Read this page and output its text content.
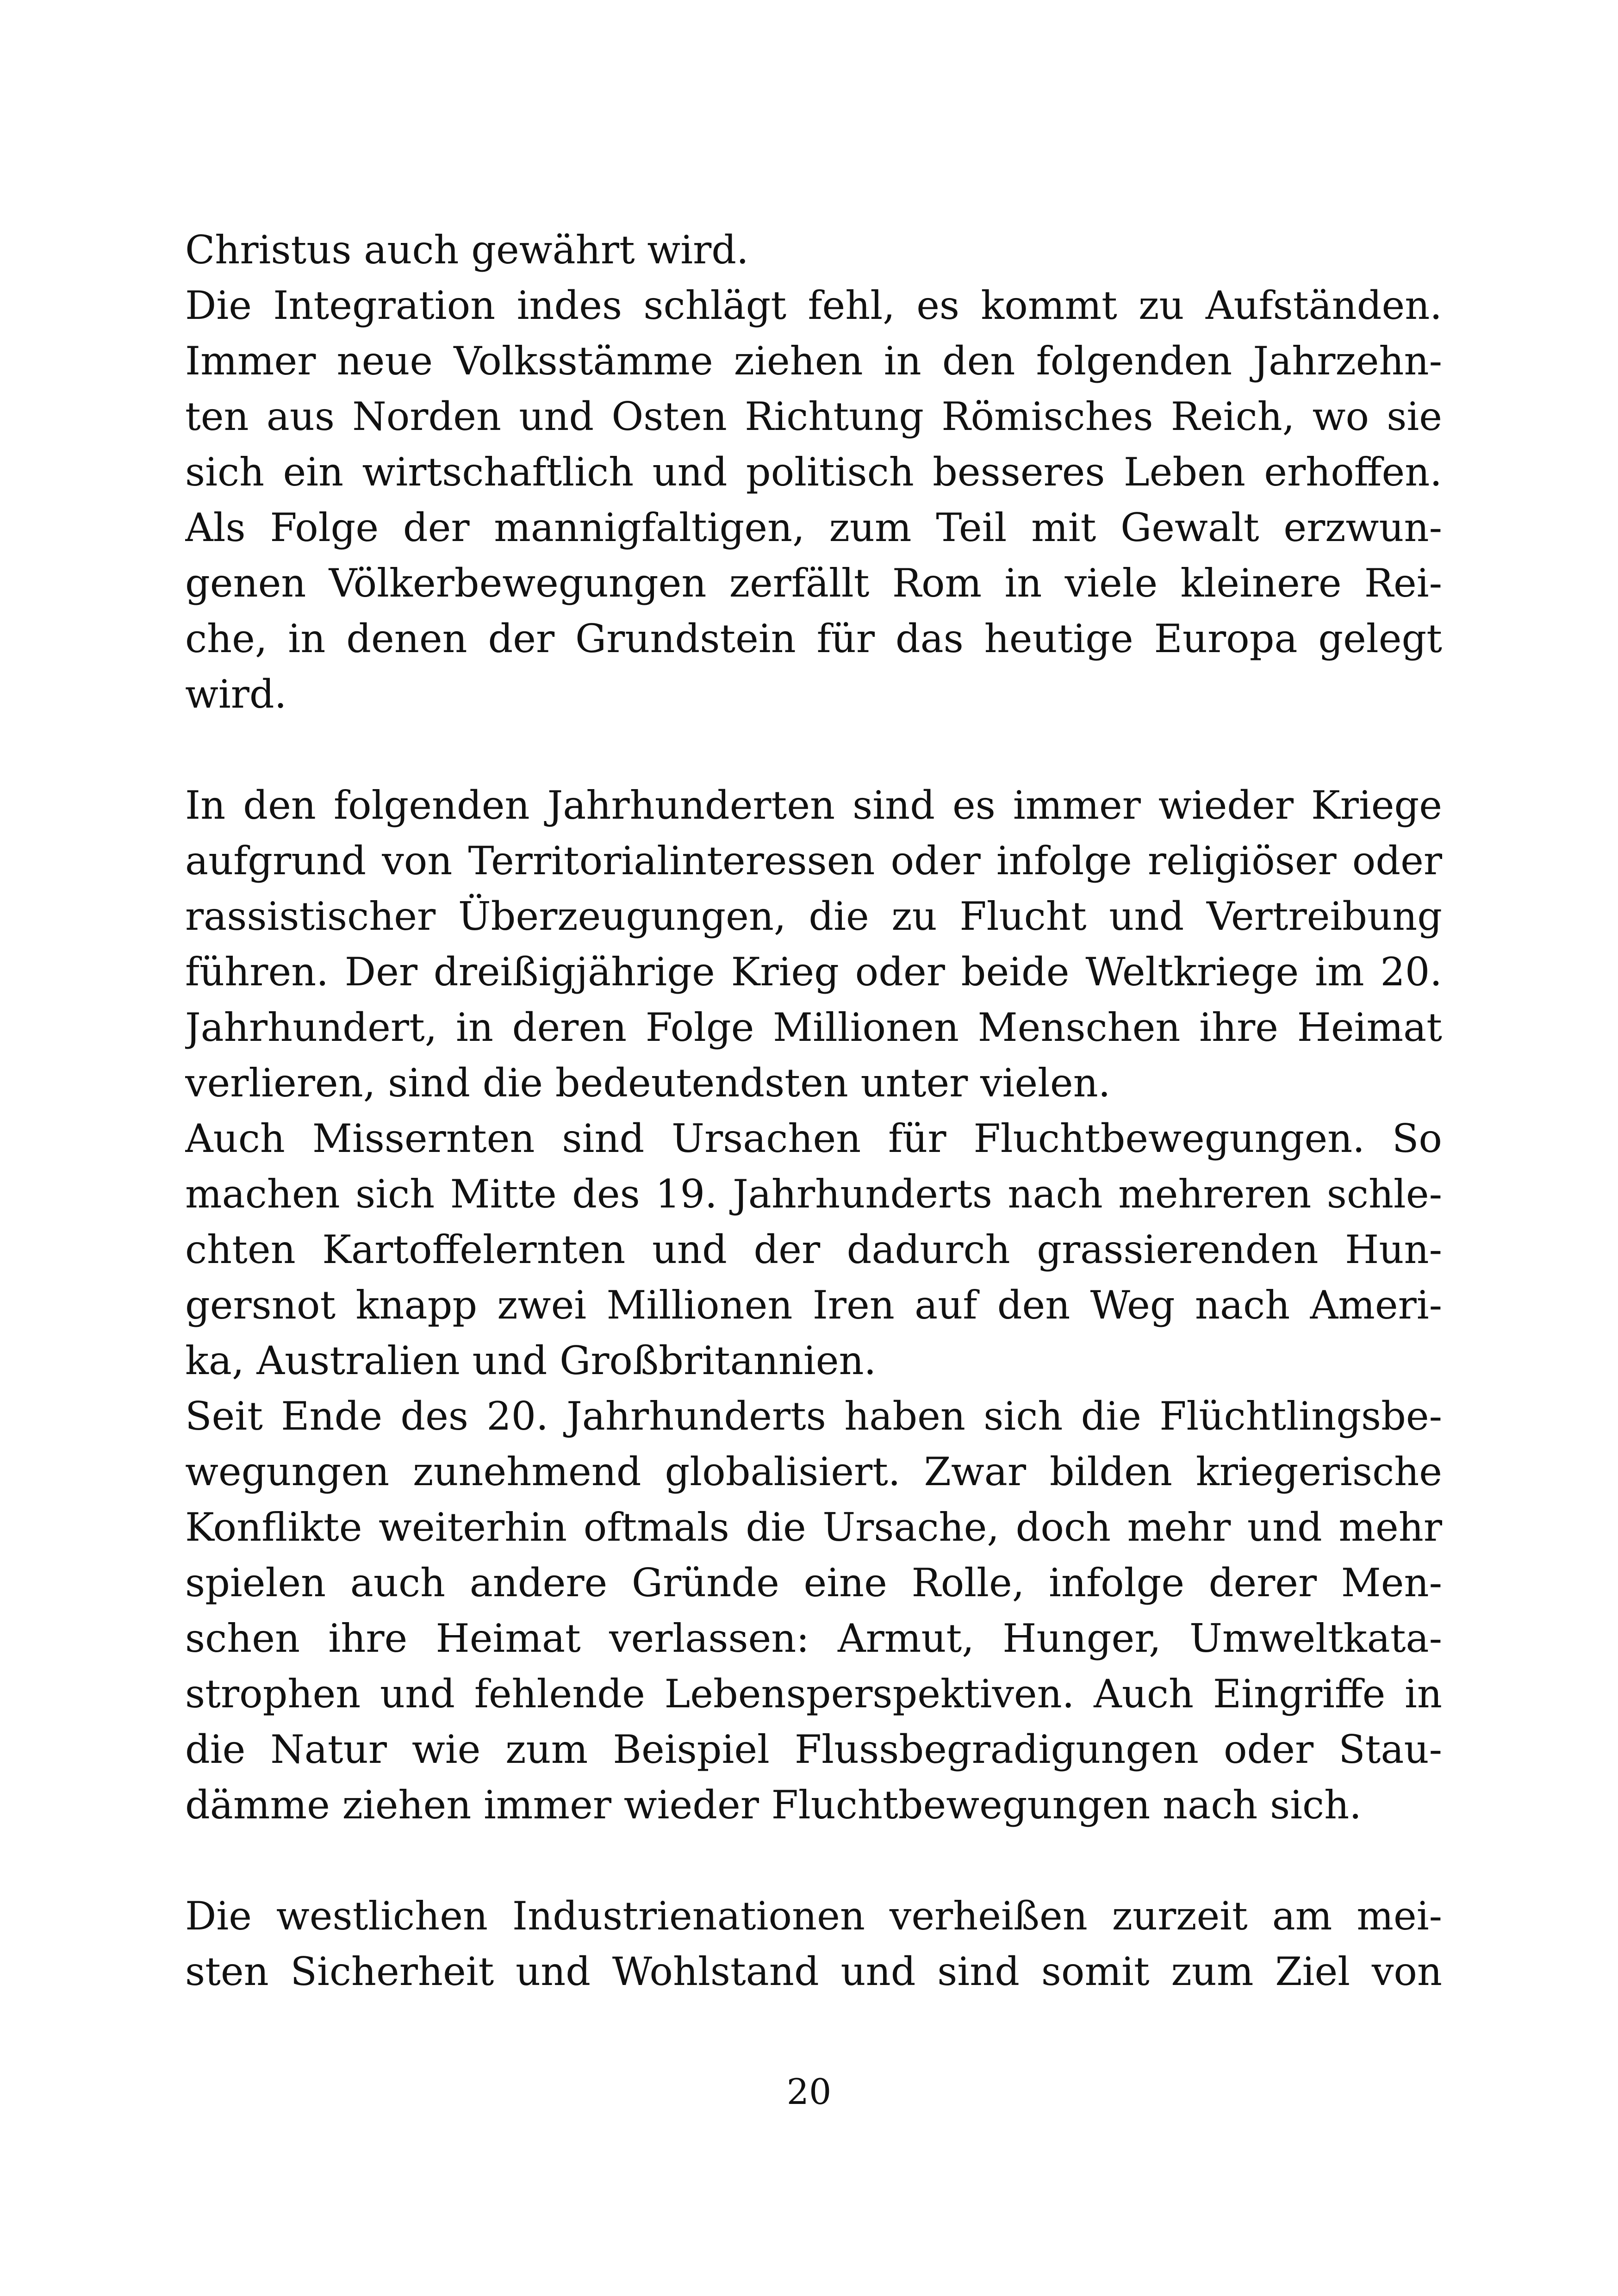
Christus auch gewährt wird.
Die Integration indes schlägt fehl, es kommt zu Aufständen.
Immer neue Volksstämme ziehen in den folgenden Jahrzehn-
ten aus Norden und Osten Richtung Römisches Reich, wo sie
sich ein wirtschaftlich und politisch besseres Leben erhoffen.
Als Folge der mannigfaltigen, zum Teil mit Gewalt erzwun-
genen Völkerbewegungen zerfällt Rom in viele kleinere Rei-
che, in denen der Grundstein für das heutige Europa gelegt
wird.
In den folgenden Jahrhunderten sind es immer wieder Kriege
aufgrund von Territorialinteressen oder infolge religiöser oder
rassistischer Überzeugungen, die zu Flucht und Vertreibung
führen. Der dreißigjährige Krieg oder beide Weltkriege im 20.
Jahrhundert, in deren Folge Millionen Menschen ihre Heimat
verlieren, sind die bedeutendsten unter vielen.
Auch Missernten sind Ursachen für Fluchtbewegungen. So
machen sich Mitte des 19. Jahrhunderts nach mehreren schle-
chten Kartoffelernten und der dadurch grassierenden Hun-
gersnot knapp zwei Millionen Iren auf den Weg nach Ameri-
ka, Australien und Großbritannien.
Seit Ende des 20. Jahrhunderts haben sich die Flüchtlingsbe-
wegungen zunehmend globalisiert. Zwar bilden kriegerische
Konflikte weiterhin oftmals die Ursache, doch mehr und mehr
spielen auch andere Gründe eine Rolle, infolge derer Men-
schen ihre Heimat verlassen: Armut, Hunger, Umweltkata-
strophen und fehlende Lebensperspektiven. Auch Eingriffe in
die Natur wie zum Beispiel Flussbegradigungen oder Stau-
dämme ziehen immer wieder Fluchtbewegungen nach sich.
Die westlichen Industrienationen verheißen zurzeit am mei-
sten Sicherheit und Wohlstand und sind somit zum Ziel von
20
